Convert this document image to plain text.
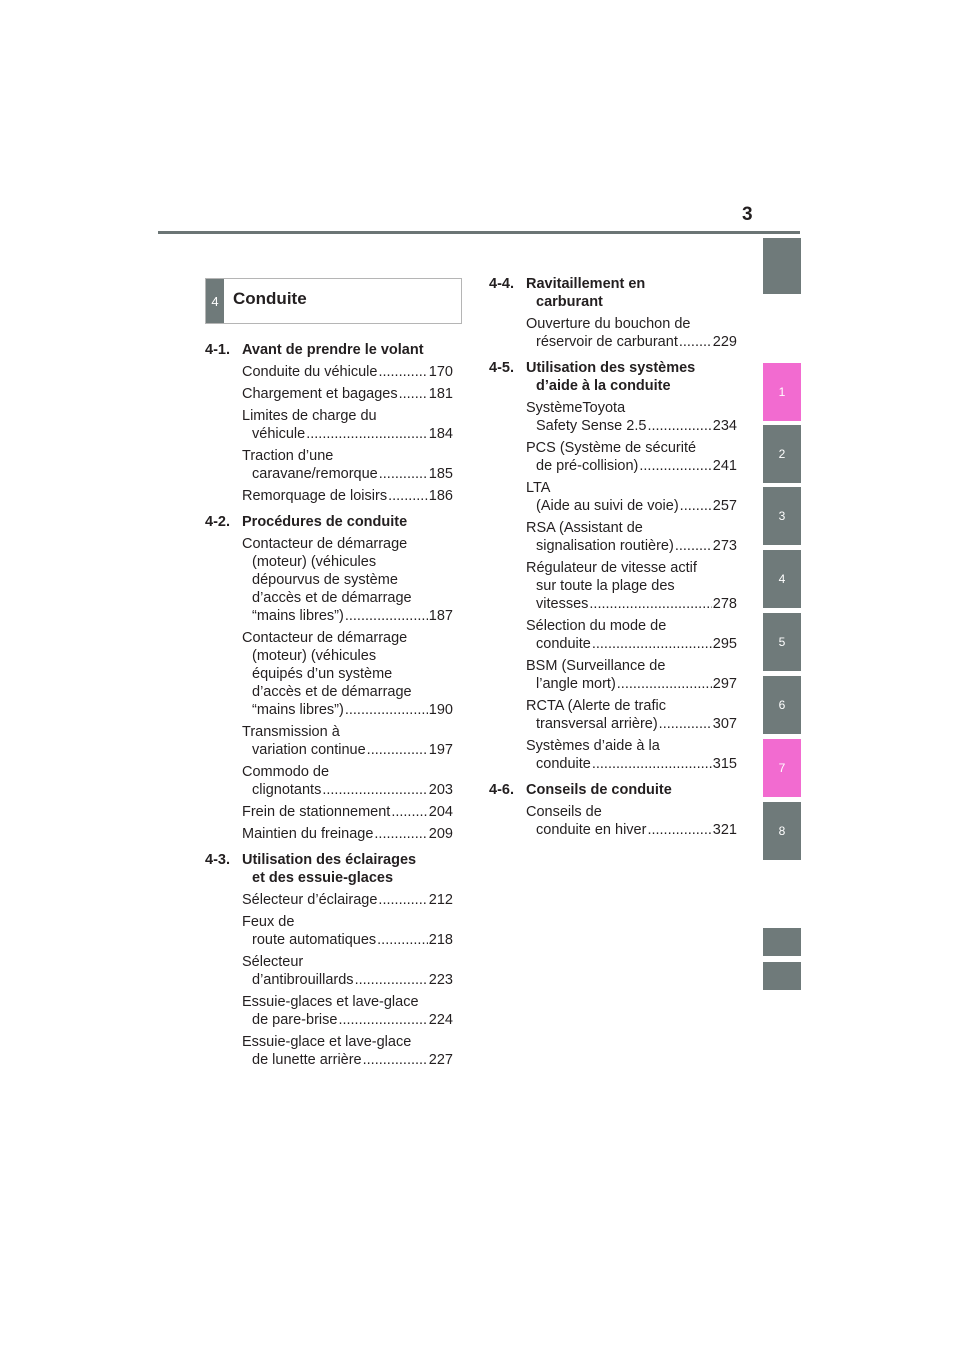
3
1
2
3
4
5
6
7
8
4 Conduite
4-1. Avant de prendre le volant
Conduite du véhicule .....	170
Chargement et bagages ..... 181
Limites de charge du
véhicule .....	184
Traction d’une
caravane/remorque .....	185
Remorquage de loisirs .....	186
4-2. Procédures de conduite
Contacteur de démarrage
(moteur) (véhicules
dépourvus de système
d’accès et de démarrage
“mains libres”) .....	187
Contacteur de démarrage
(moteur) (véhicules
équipés d’un système
d’accès et de démarrage
“mains libres”) .....	190
Transmission à
variation continue .....	197
Commodo de
clignotants .....	203
Frein de stationnement .....	204
Maintien du freinage .....	209
4-3. Utilisation des éclairages
et des essuie-glaces
Sélecteur d’éclairage .....	212
Feux de
route automatiques .....	218
Sélecteur
d’antibrouillards .....	223
Essuie-glaces et lave-glace
de pare-brise .....	224
Essuie-glace et lave-glace
de lunette arrière .....	227
4-4. Ravitaillement en
carburant
Ouverture du bouchon de
réservoir de carburant ..... 229
4-5. Utilisation des systèmes
d’aide à la conduite
SystèmeToyota
Safety Sense 2.5 .....	234
PCS (Système de sécurité
de pré-collision) .....	241
LTA
(Aide au suivi de voie) ..... 257
RSA (Assistant de
signalisation routière) .....	273
Régulateur de vitesse actif
sur toute la plage des
vitesses .....	278
Sélection du mode de
conduite .....	295
BSM (Surveillance de
l’angle mort) .....	297
RCTA (Alerte de trafic
transversal arrière) .....	307
Systèmes d’aide à la
conduite .....	315
4-6. Conseils de conduite
Conseils de
conduite en hiver .....	321
